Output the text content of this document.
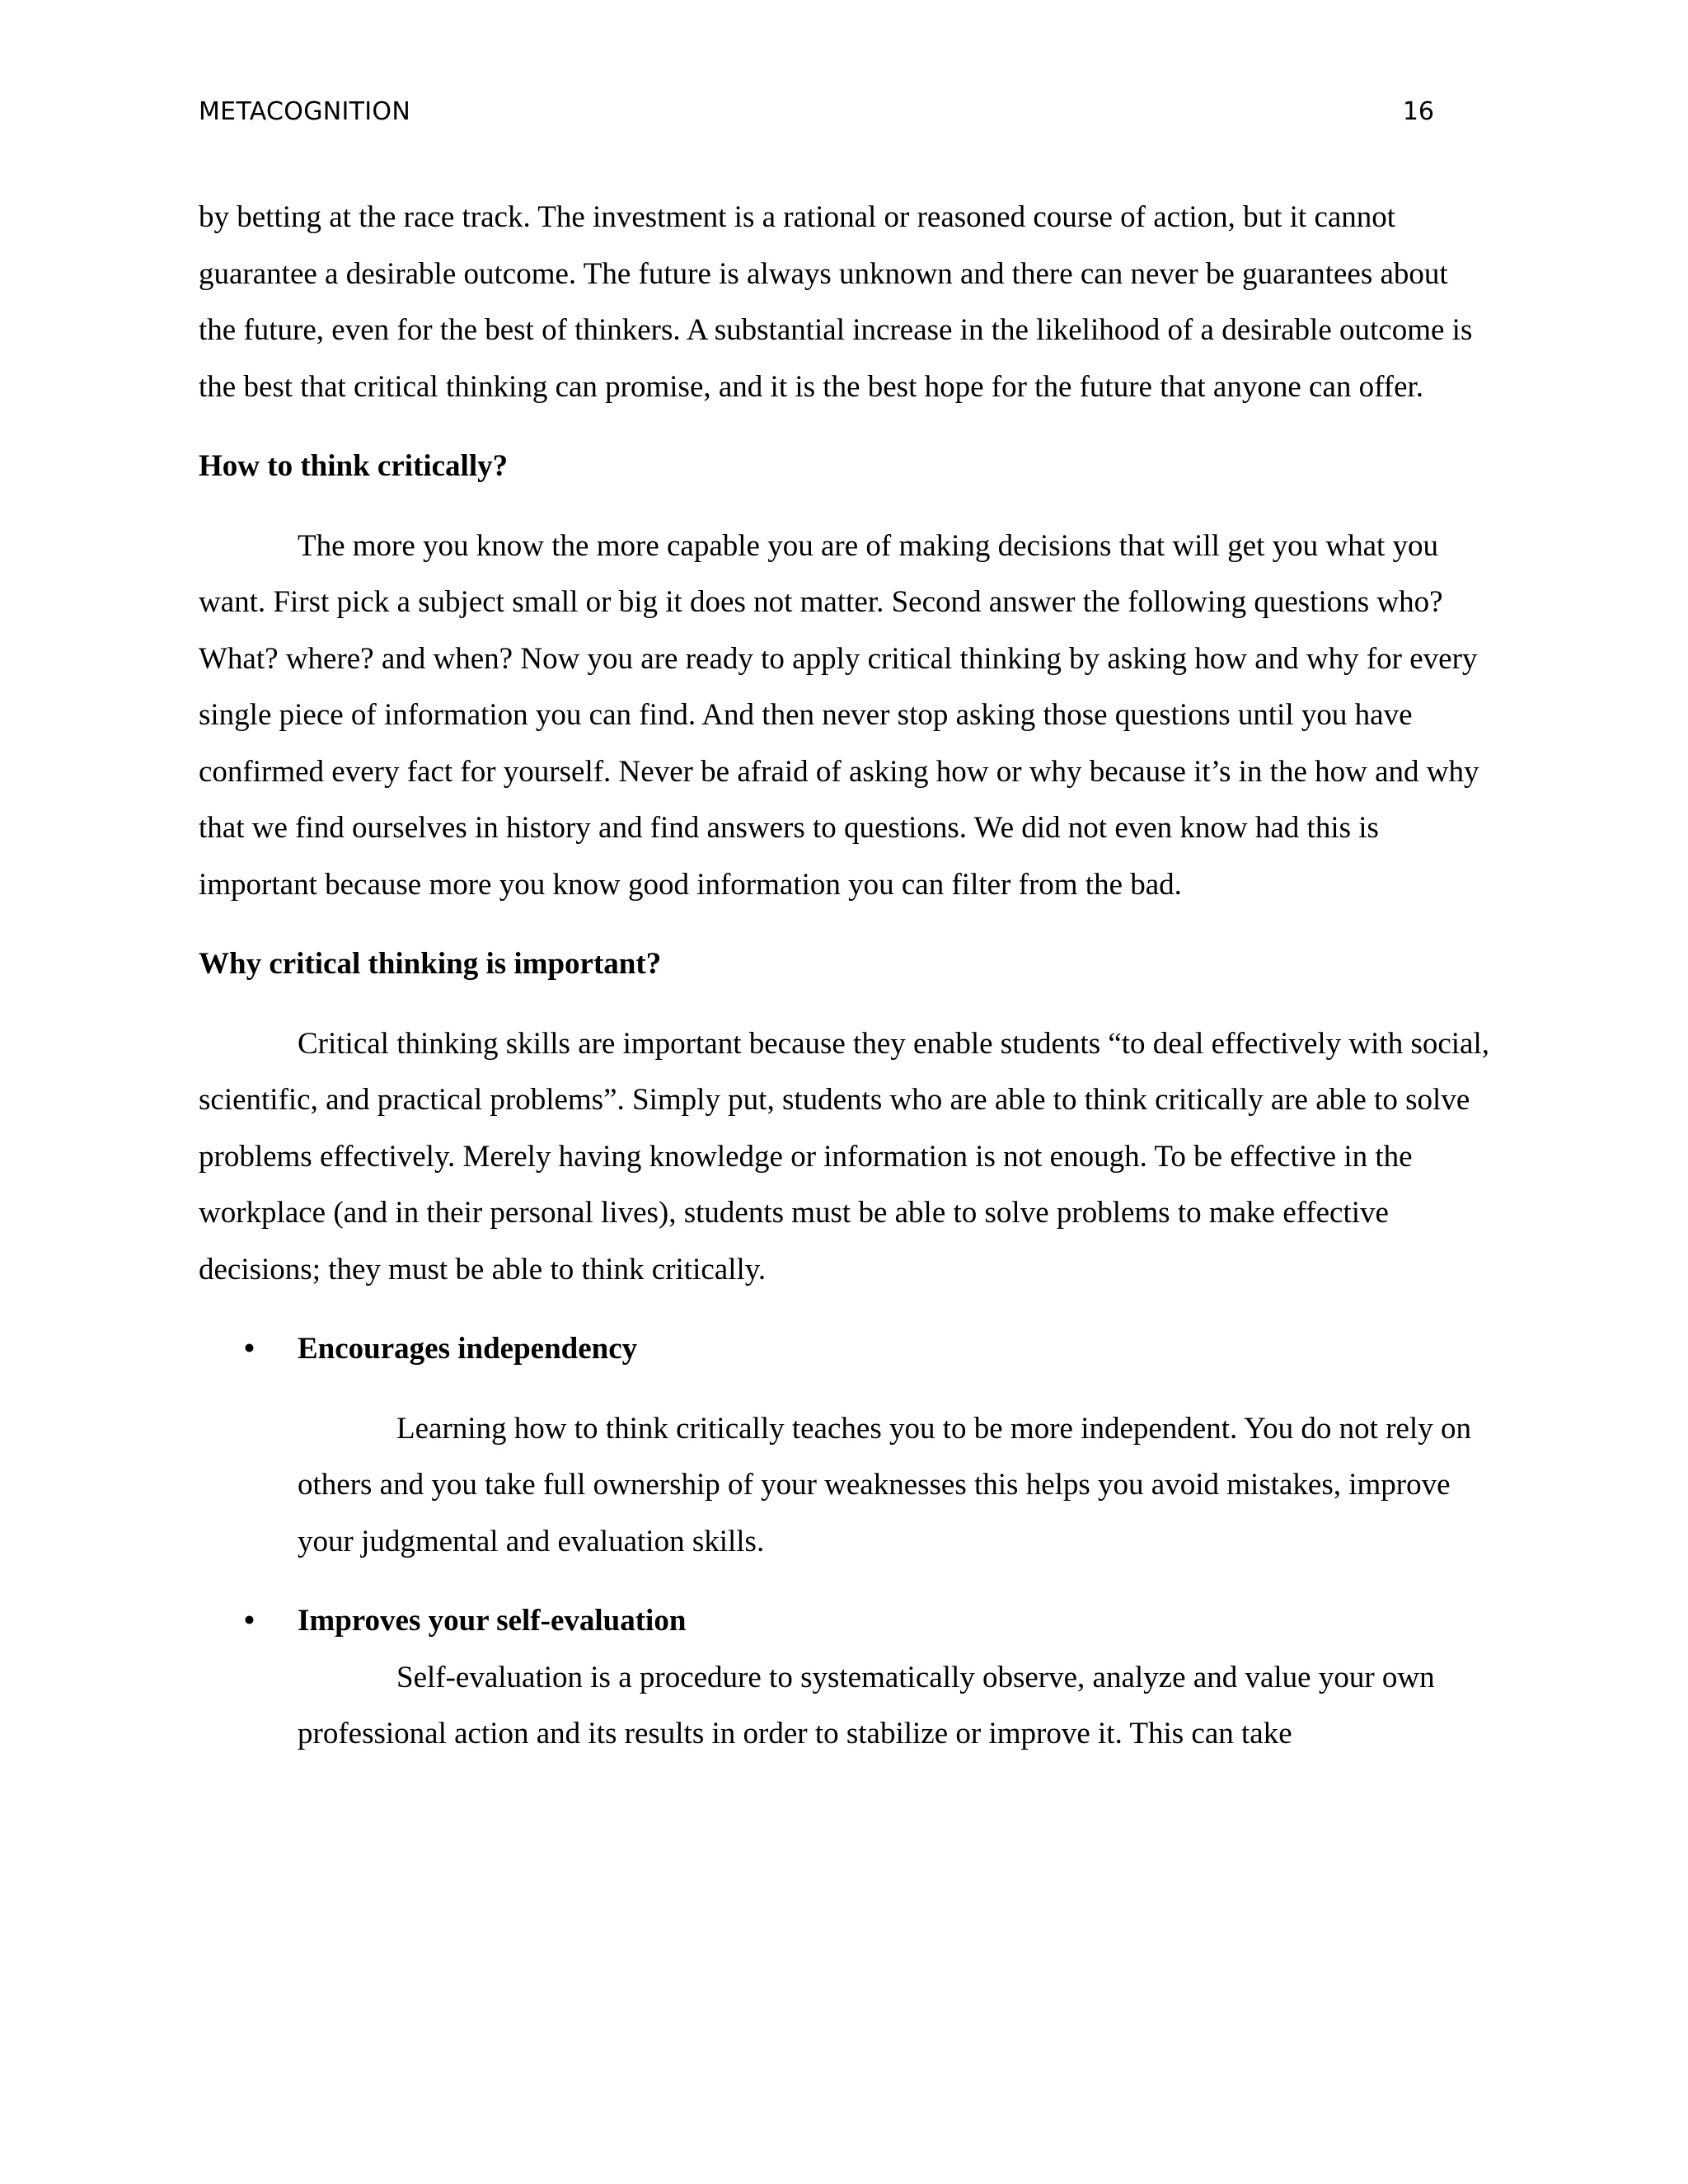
METACOGNITION	16

by betting at the race track. The investment is a rational or reasoned course of action, but it cannot guarantee a desirable outcome. The future is always unknown and there can never be guarantees about the future, even for the best of thinkers. A substantial increase in the likelihood of a desirable outcome is the best that critical thinking can promise, and it is the best hope for the future that anyone can offer.

How to think critically?

The more you know the more capable you are of making decisions that will get you what you want. First pick a subject small or big it does not matter. Second answer the following questions who? What? where? and when? Now you are ready to apply critical thinking by asking how and why for every single piece of information you can find. And then never stop asking those questions until you have confirmed every fact for yourself. Never be afraid of asking how or why because it’s in the how and why that we find ourselves in history and find answers to questions. We did not even know had this is important because more you know good information you can filter from the bad.

Why critical thinking is important?

Critical thinking skills are important because they enable students “to deal effectively with social, scientific, and practical problems”. Simply put, students who are able to think critically are able to solve problems effectively. Merely having knowledge or information is not enough. To be effective in the workplace (and in their personal lives), students must be able to solve problems to make effective decisions; they must be able to think critically.

• Encourages independency

Learning how to think critically teaches you to be more independent. You do not rely on others and you take full ownership of your weaknesses this helps you avoid mistakes, improve your judgmental and evaluation skills.

• Improves your self-evaluation

Self-evaluation is a procedure to systematically observe, analyze and value your own professional action and its results in order to stabilize or improve it. This can take
